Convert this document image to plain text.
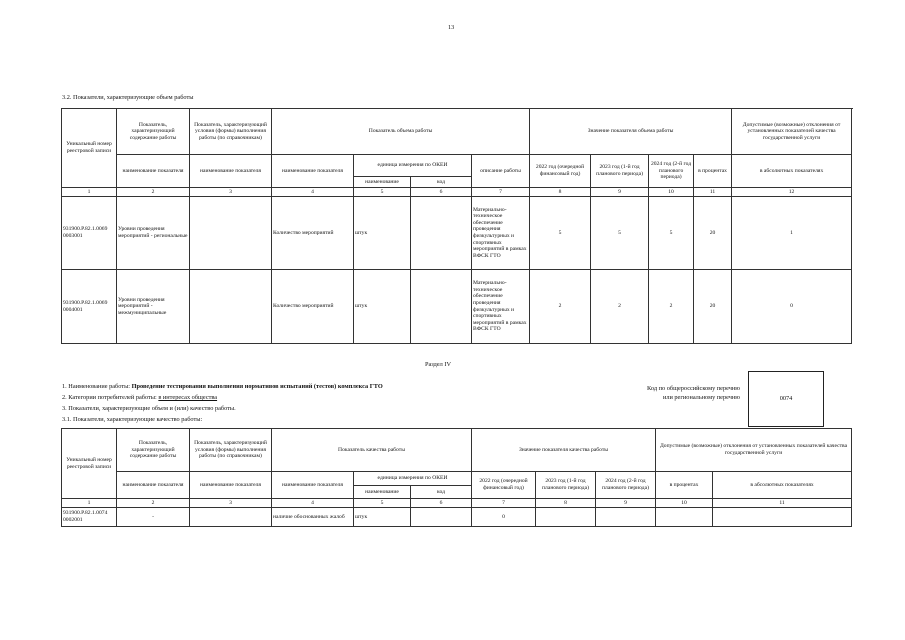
13
3.2. Показатели, характеризующие объем работы
Уникальный номер реестровой записи	Показатель, характеризующий содержание работы	Показатель, характеризующий условия (формы) выполнения работы (по справочникам)	Показатель объема работы				Значение показателя объема работы				Допустимые (возможные) отклонения от установленных показателей качества государственной услуги
	наименование показателя	наименование показателя	наименование показателя	единица измерения по ОКЕИ		описание работы	2022 год (очередной финансовый год)	2023 год (1-й год планового периода)	2024 год (2-й год планового периода)	в процентах	в абсолютных показателях
				наименование	код						
1	2	3	4	5	6	7	8	9	10	11	12
931900.Р.82.1.0069 0003001	Уровни проведения мероприятий - региональные		Количество мероприятий	штук		Материально-техническое обеспечение проведения физкультурных и спортивных мероприятий в рамках ВФСК ГТО	5	5	5	20	1
931900.Р.82.1.0069 0004001	Уровни проведения мероприятий - межмуниципальные		Количество мероприятий	штук		Материально-техническое обеспечение проведения физкультурных и спортивных мероприятий в рамках ВФСК ГТО	2	2	2	20	0
Раздел IV
1. Наименование работы: Проведение тестирования выполнения нормативов испытаний (тестов) комплекса ГТО
2. Категории потребителей работы: в интересах общества
3. Показатели, характеризующие объем и (или) качество работы.
3.1. Показатели, характеризующие качество работы:
Код по общероссийскому перечню или региональному перечню	0074
Уникальный номер реестровой записи	Показатель, характеризующий содержание работы	Показатель, характеризующий условия (формы) выполнения работы (по справочникам)	Показатель качества работы			Значение показателя качества работы			Допустимые (возможные) отклонения от установленных показателей качества государственной услуги	
	наименование показателя	наименование показателя	наименование показателя	единица измерения по ОКЕИ		2022 год (очередной финансовый год)	2023 год (1-й год планового периода)	2024 год (2-й год планового периода)	в процентах	в абсолютных показателях
				наименование	код					
1	2	3	4	5	6	7	8	9	10	11
931900.Р.82.1.0074 0002001	-		наличие обоснованных жалоб	штук		0				
